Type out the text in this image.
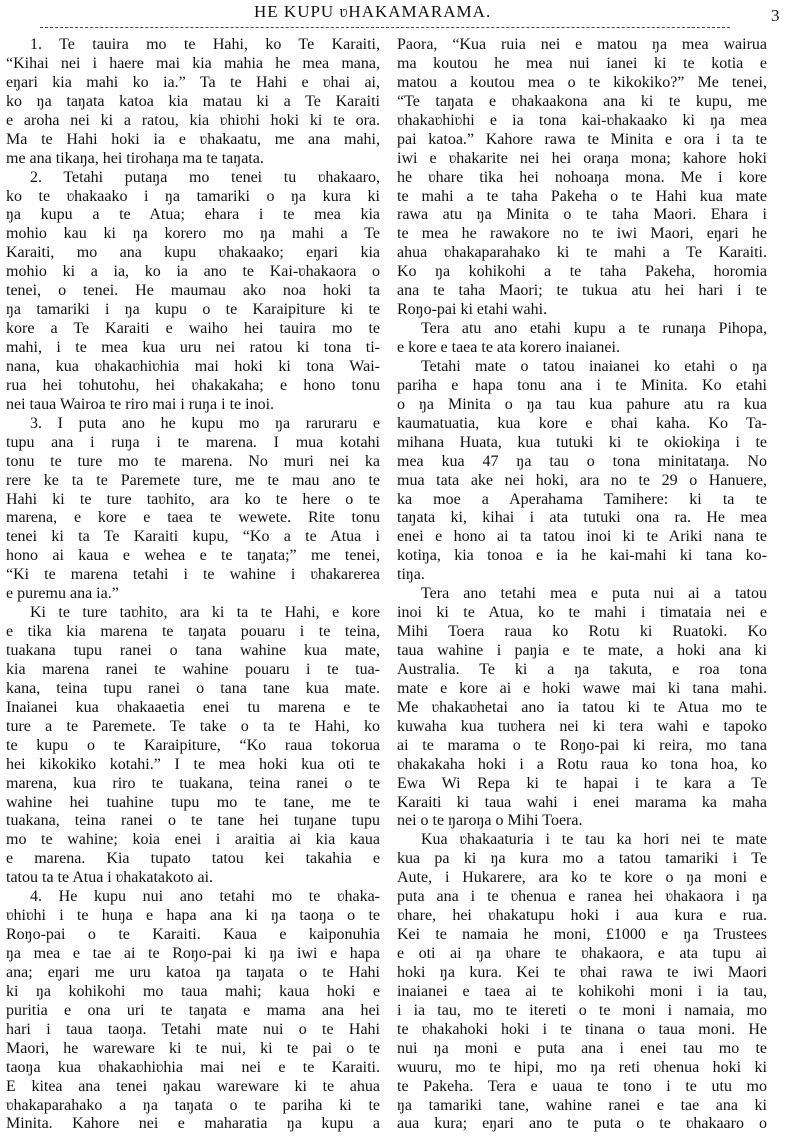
HE KUPU ʋHAKAMARAMA.	3
1. Te tauira mo te Hahi, ko Te Karaiti,
“Kihai nei i haere mai kia mahia he mea mana,
eŋari kia mahi ko ia.” Ta te Hahi e ʋhai ai,
ko ŋa taŋata katoa kia matau ki a Te Karaiti
e aroha nei ki a ratou, kia ʋhiʋhi hoki ki te ora.
Ma te Hahi hoki ia e ʋhakaatu, me ana mahi,
me ana tikaŋa, hei tirohaŋa ma te taŋata.
2. Tetahi putaŋa mo tenei tu ʋhakaaro,
ko te ʋhakaako i ŋa tamariki o ŋa kura ki
ŋa kupu a te Atua; ehara i te mea kia
mohio kau ki ŋa korero mo ŋa mahi a Te
Karaiti, mo ana kupu ʋhakaako; eŋari kia
mohio ki a ia, ko ia ano te Kai-ʋhakaora o
tenei, o tenei. He maumau ako noa hoki ta
ŋa tamariki i ŋa kupu o te Karaipiture ki te
kore a Te Karaiti e waiho hei tauira mo te
mahi, i te mea kua uru nei ratou ki tona ti-
nana, kua ʋhakaʋhiʋhia mai hoki ki tona Wai-
rua hei tohutohu, hei ʋhakakaha; e hono tonu
nei taua Wairoa te riro mai i ruŋa i te inoi.
3. I puta ano he kupu mo ŋa raruraru e
tupu ana i ruŋa i te marena. I mua kotahi
tonu te ture mo te marena. No muri nei ka
rere ke ta te Paremete ture, me te mau ano te
Hahi ki te ture taʋhito, ara ko te here o te
marena, e kore e taea te wewete. Rite tonu
tenei ki ta Te Karaiti kupu, “Ko a te Atua i
hono ai kaua e wehea e te taŋata;” me tenei,
“Ki te marena tetahi i te wahine i ʋhakarerea
e puremu ana ia.”
Ki te ture taʋhito, ara ki ta te Hahi, e kore
e tika kia marena te taŋata pouaru i te teina,
tuakana tupu ranei o tana wahine kua mate,
kia marena ranei te wahine pouaru i te tua-
kana, teina tupu ranei o tana tane kua mate.
Inaianei kua ʋhakaaetia enei tu marena e te
ture a te Paremete. Te take o ta te Hahi, ko
te kupu o te Karaipiture, “Ko raua tokorua
hei kikokiko kotahi.” I te mea hoki kua oti te
marena, kua riro te tuakana, teina ranei o te
wahine hei tuahine tupu mo te tane, me te
tuakana, teina ranei o te tane hei tuŋane tupu
mo te wahine; koia enei i araitia ai kia kaua
e marena. Kia tupato tatou kei takahia e
tatou ta te Atua i ʋhakatakoto ai.
4. He kupu nui ano tetahi mo te ʋhaka-
ʋhiʋhi i te huŋa e hapa ana ki ŋa taoŋa o te
Roŋo-pai o te Karaiti. Kaua e kaiponuhia
ŋa mea e tae ai te Roŋo-pai ki ŋa iwi e hapa
ana; eŋari me uru katoa ŋa taŋata o te Hahi
ki ŋa kohikohi mo taua mahi; kaua hoki e
puritia e ona uri te taŋata e mama ana hei
hari i taua taoŋa. Tetahi mate nui o te Hahi
Maori, he wareware ki te nui, ki te pai o te
taoŋa kua ʋhakaʋhiʋhia mai nei e te Karaiti.
E kitea ana tenei ŋakau wareware ki te ahua
ʋhakaparahako a ŋa taŋata o te pariha ki te
Minita. Kahore nei e maharatia ŋa kupu a
Paora, “Kua ruia nei e matou ŋa mea wairua
ma koutou he mea nui ianei ki te kotia e
matou a koutou mea o te kikokiko?” Me tenei,
“Te taŋata e ʋhakaakona ana ki te kupu, me
ʋhakaʋhiʋhi e ia tona kai-ʋhakaako ki ŋa mea
pai katoa.” Kahore rawa te Minita e ora i ta te
iwi e ʋhakarite nei hei oraŋa mona; kahore hoki
he ʋhare tika hei nohoaŋa mona. Me i kore
te mahi a te taha Pakeha o te Hahi kua mate
rawa atu ŋa Minita o te taha Maori. Ehara i
te mea he rawakore no te iwi Maori, eŋari he
ahua ʋhakaparahako ki te mahi a Te Karaiti.
Ko ŋa kohikohi a te taha Pakeha, horomia
ana te taha Maori; te tukua atu hei hari i te
Roŋo-pai ki etahi wahi.
Tera atu ano etahi kupu a te runaŋa Pihopa,
e kore e taea te ata korero inaianei.
Tetahi mate o tatou inaianei ko etahi o ŋa
pariha e hapa tonu ana i te Minita. Ko etahi
o ŋa Minita o ŋa tau kua pahure atu ra kua
kaumatuatia, kua kore e ʋhai kaha. Ko Ta-
mihana Huata, kua tutuki ki te okiokiŋa i te
mea kua 47 ŋa tau o tona minitataŋa. No
mua tata ake nei hoki, ara no te 29 o Hanuere,
ka moe a Aperahama Tamihere: ki ta te
taŋata ki, kihai i ata tutuki ona ra. He mea
enei e hono ai ta tatou inoi ki te Ariki nana te
kotiŋa, kia tonoa e ia he kai-mahi ki tana ko-
tiŋa.
Tera ano tetahi mea e puta nui ai a tatou
inoi ki te Atua, ko te mahi i timataia nei e
Mihi Toera raua ko Rotu ki Ruatoki. Ko
taua wahine i paŋia e te mate, a hoki ana ki
Australia. Te ki a ŋa takuta, e roa tona
mate e kore ai e hoki wawe mai ki tana mahi.
Me ʋhakaʋhetai ano ia tatou ki te Atua mo te
kuwaha kua tuʋhera nei ki tera wahi e tapoko
ai te marama o te Roŋo-pai ki reira, mo tana
ʋhakakaha hoki i a Rotu raua ko tona hoa, ko
Ewa Wi Repa ki te hapai i te kara a Te
Karaiti ki taua wahi i enei marama ka maha
nei o te ŋaroŋa o Mihi Toera.
Kua ʋhakaaturia i te tau ka hori nei te mate
kua pa ki ŋa kura mo a tatou tamariki i Te
Aute, i Hukarere, ara ko te kore o ŋa moni e
puta ana i te ʋhenua e ranea hei ʋhakaora i ŋa
ʋhare, hei ʋhakatupu hoki i aua kura e rua.
Kei te namaia he moni, £1000 e ŋa Trustees
e oti ai ŋa ʋhare te ʋhakaora, e ata tupu ai
hoki ŋa kura. Kei te ʋhai rawa te iwi Maori
inaianei e taea ai te kohikohi moni i ia tau,
i ia tau, mo te itereti o te moni i namaia, mo
te ʋhakahoki hoki i te tinana o taua moni. He
nui ŋa moni e puta ana i enei tau mo te
wuuru, mo te hipi, mo ŋa reti ʋhenua hoki ki
te Pakeha. Tera e uaua te tono i te utu mo
ŋa tamariki tane, wahine ranei e tae ana ki
aua kura; eŋari ano te puta o te ʋhakaaro o
